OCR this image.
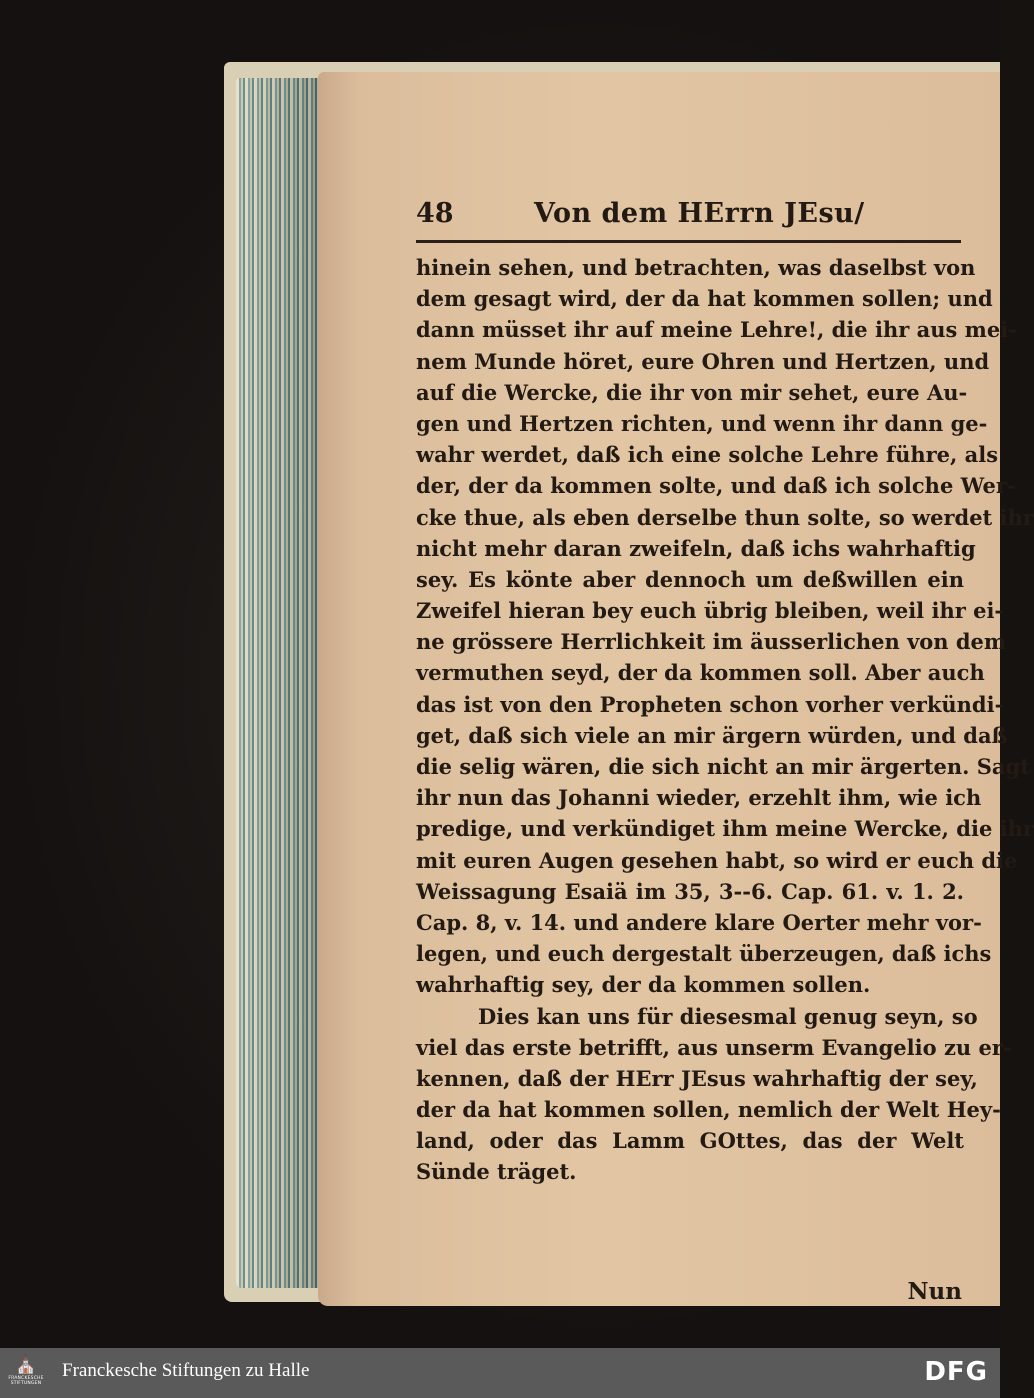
48	Von dem HErrn JEsu/
hinein sehen, und betrachten, was daselbst von
dem gesagt wird, der da hat kommen sollen; und
dann müsset ihr auf meine Lehre!, die ihr aus mei-
nem Munde höret, eure Ohren und Hertzen, und
auf die Wercke, die ihr von mir sehet, eure Au-
gen und Hertzen richten, und wenn ihr dann ge-
wahr werdet, daß ich eine solche Lehre führe, als
der, der da kommen solte, und daß ich solche Wer-
cke thue, als eben derselbe thun solte, so werdet ihr
nicht mehr daran zweifeln, daß ichs wahrhaftig
sey. Es könte aber dennoch um deßwillen ein
Zweifel hieran bey euch übrig bleiben, weil ihr ei-
ne grössere Herrlichkeit im äusserlichen von dem
vermuthen seyd, der da kommen soll. Aber auch
das ist von den Propheten schon vorher verkündi-
get, daß sich viele an mir ärgern würden, und daß
die selig wären, die sich nicht an mir ärgerten. Sagt
ihr nun das Johanni wieder, erzehlt ihm, wie ich
predige, und verkündiget ihm meine Wercke, die ihr
mit euren Augen gesehen habt, so wird er euch die
Weissagung Esaiä im 35, 3--6. Cap. 61. v. 1. 2.
Cap. 8, v. 14. und andere klare Oerter mehr vor-
legen, und euch dergestalt überzeugen, daß ichs
wahrhaftig sey, der da kommen sollen.
Dies kan uns für diesesmal genug seyn, so
viel das erste betrifft, aus unserm Evangelio zu er-
kennen, daß der HErr JEsus wahrhaftig der sey,
der da hat kommen sollen, nemlich der Welt Hey-
land, oder das Lamm GOttes, das der Welt
Sünde träget.
Nun
⛪
FRANCKESCHE STIFTUNGEN
Franckesche Stiftungen zu Halle	DFG
